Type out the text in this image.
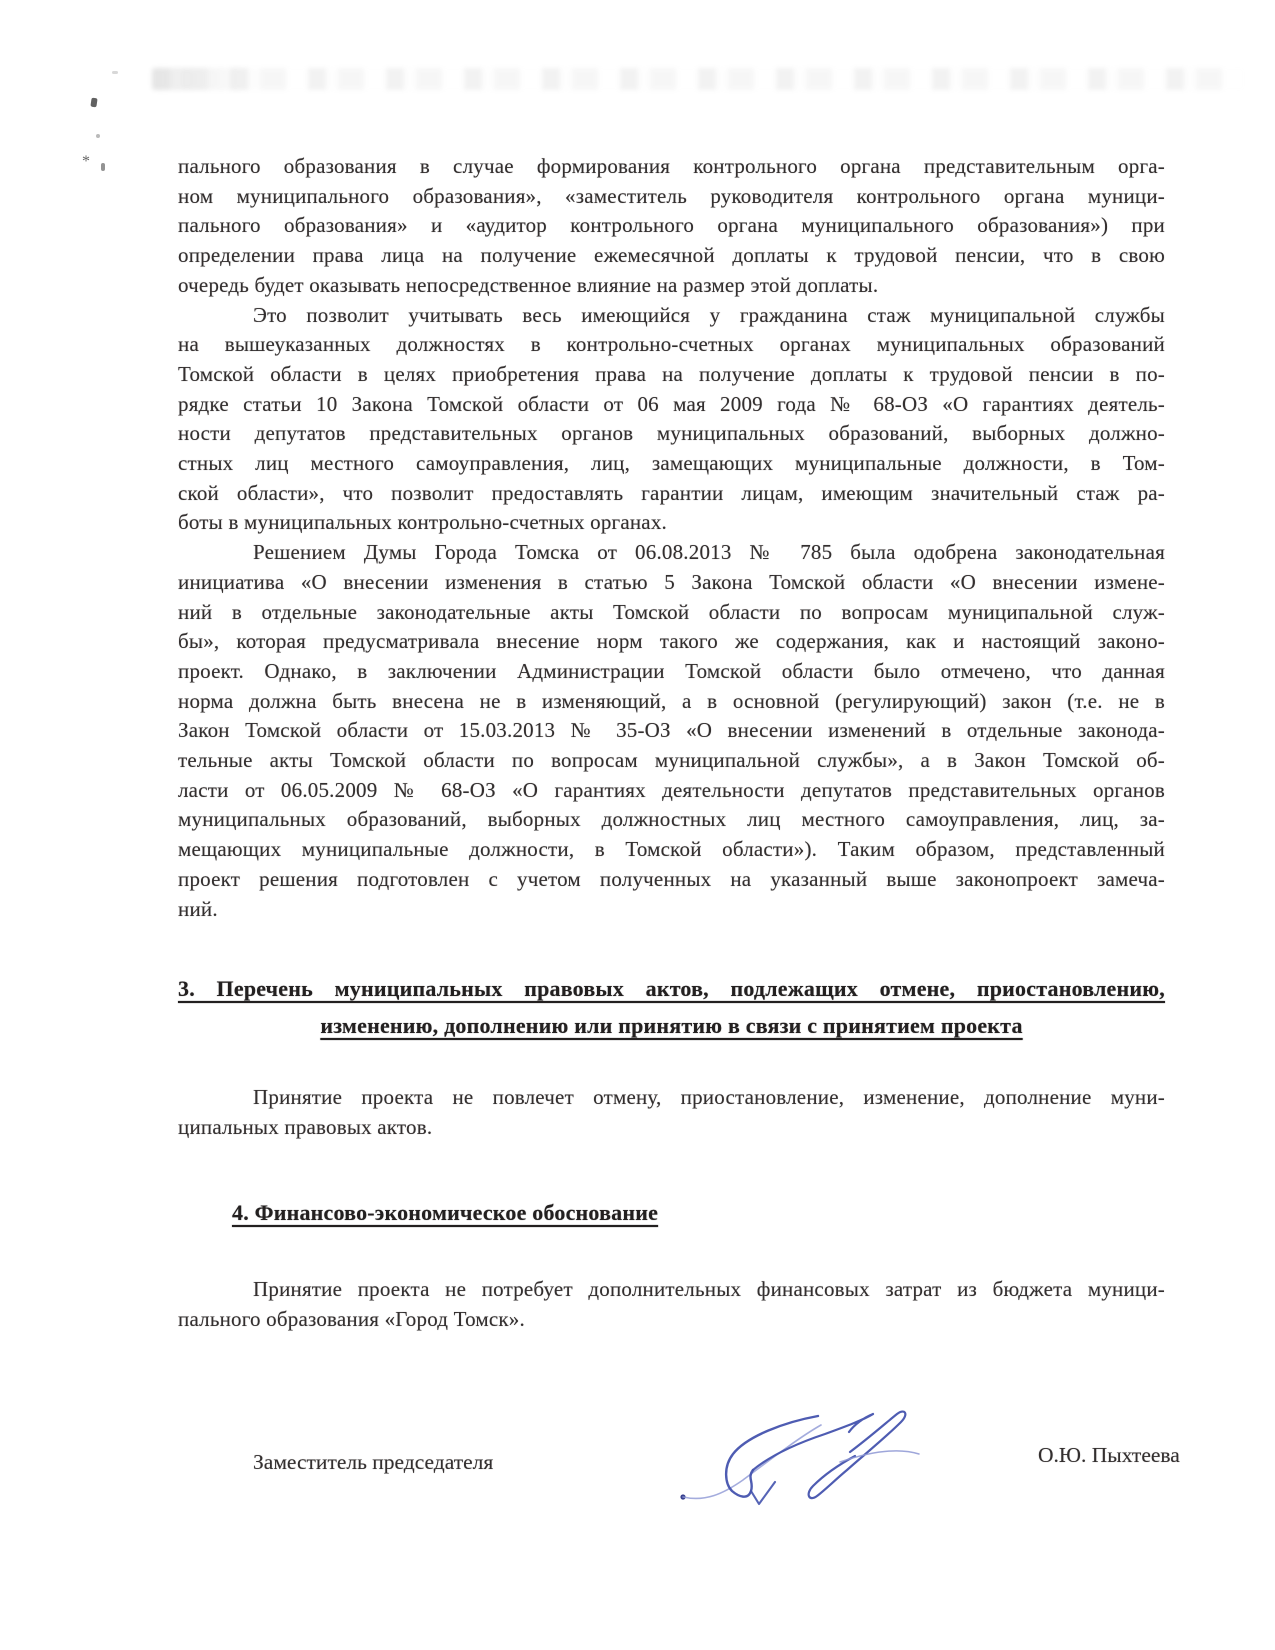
*	пального образования в случае формирования контрольного органа представительным орга-
ном муниципального образования», «заместитель руководителя контрольного органа муници-
пального образования» и «аудитор контрольного органа муниципального образования») при
определении права лица на получение ежемесячной доплаты к трудовой пенсии, что в свою
очередь будет оказывать непосредственное влияние на размер этой доплаты.
Это позволит учитывать весь имеющийся у гражданина стаж муниципальной службы
на вышеуказанных должностях в контрольно-счетных органах муниципальных образований
Томской области в целях приобретения права на получение доплаты к трудовой пенсии в по-
рядке статьи 10 Закона Томской области от 06 мая 2009 года № 68-ОЗ «О гарантиях деятель-
ности депутатов представительных органов муниципальных образований, выборных должно-
стных лиц местного самоуправления, лиц, замещающих муниципальные должности, в Том-
ской области», что позволит предоставлять гарантии лицам, имеющим значительный стаж ра-
боты в муниципальных контрольно-счетных органах.
Решением Думы Города Томска от 06.08.2013 № 785 была одобрена законодательная
инициатива «О внесении изменения в статью 5 Закона Томской области «О внесении измене-
ний в отдельные законодательные акты Томской области по вопросам муниципальной служ-
бы», которая предусматривала внесение норм такого же содержания, как и настоящий законо-
проект. Однако, в заключении Администрации Томской области было отмечено, что данная
норма должна быть внесена не в изменяющий, а в основной (регулирующий) закон (т.е. не в
Закон Томской области от 15.03.2013 № 35-ОЗ «О внесении изменений в отдельные законода-
тельные акты Томской области по вопросам муниципальной службы», а в Закон Томской об-
ласти от 06.05.2009 № 68-ОЗ «О гарантиях деятельности депутатов представительных органов
муниципальных образований, выборных должностных лиц местного самоуправления, лиц, за-
мещающих муниципальные должности, в Томской области»). Таким образом, представленный
проект решения подготовлен с учетом полученных на указанный выше законопроект замеча-
ний.
3. Перечень муниципальных правовых актов, подлежащих отмене, приостановлению,
изменению, дополнению или принятию в связи с принятием проекта
Принятие проекта не повлечет отмену, приостановление, изменение, дополнение муни-
ципальных правовых актов.
4. Финансово-экономическое обоснование
Принятие проекта не потребует дополнительных финансовых затрат из бюджета муници-
пального образования «Город Томск».
Заместитель председателя	О.Ю. Пыхтеева
